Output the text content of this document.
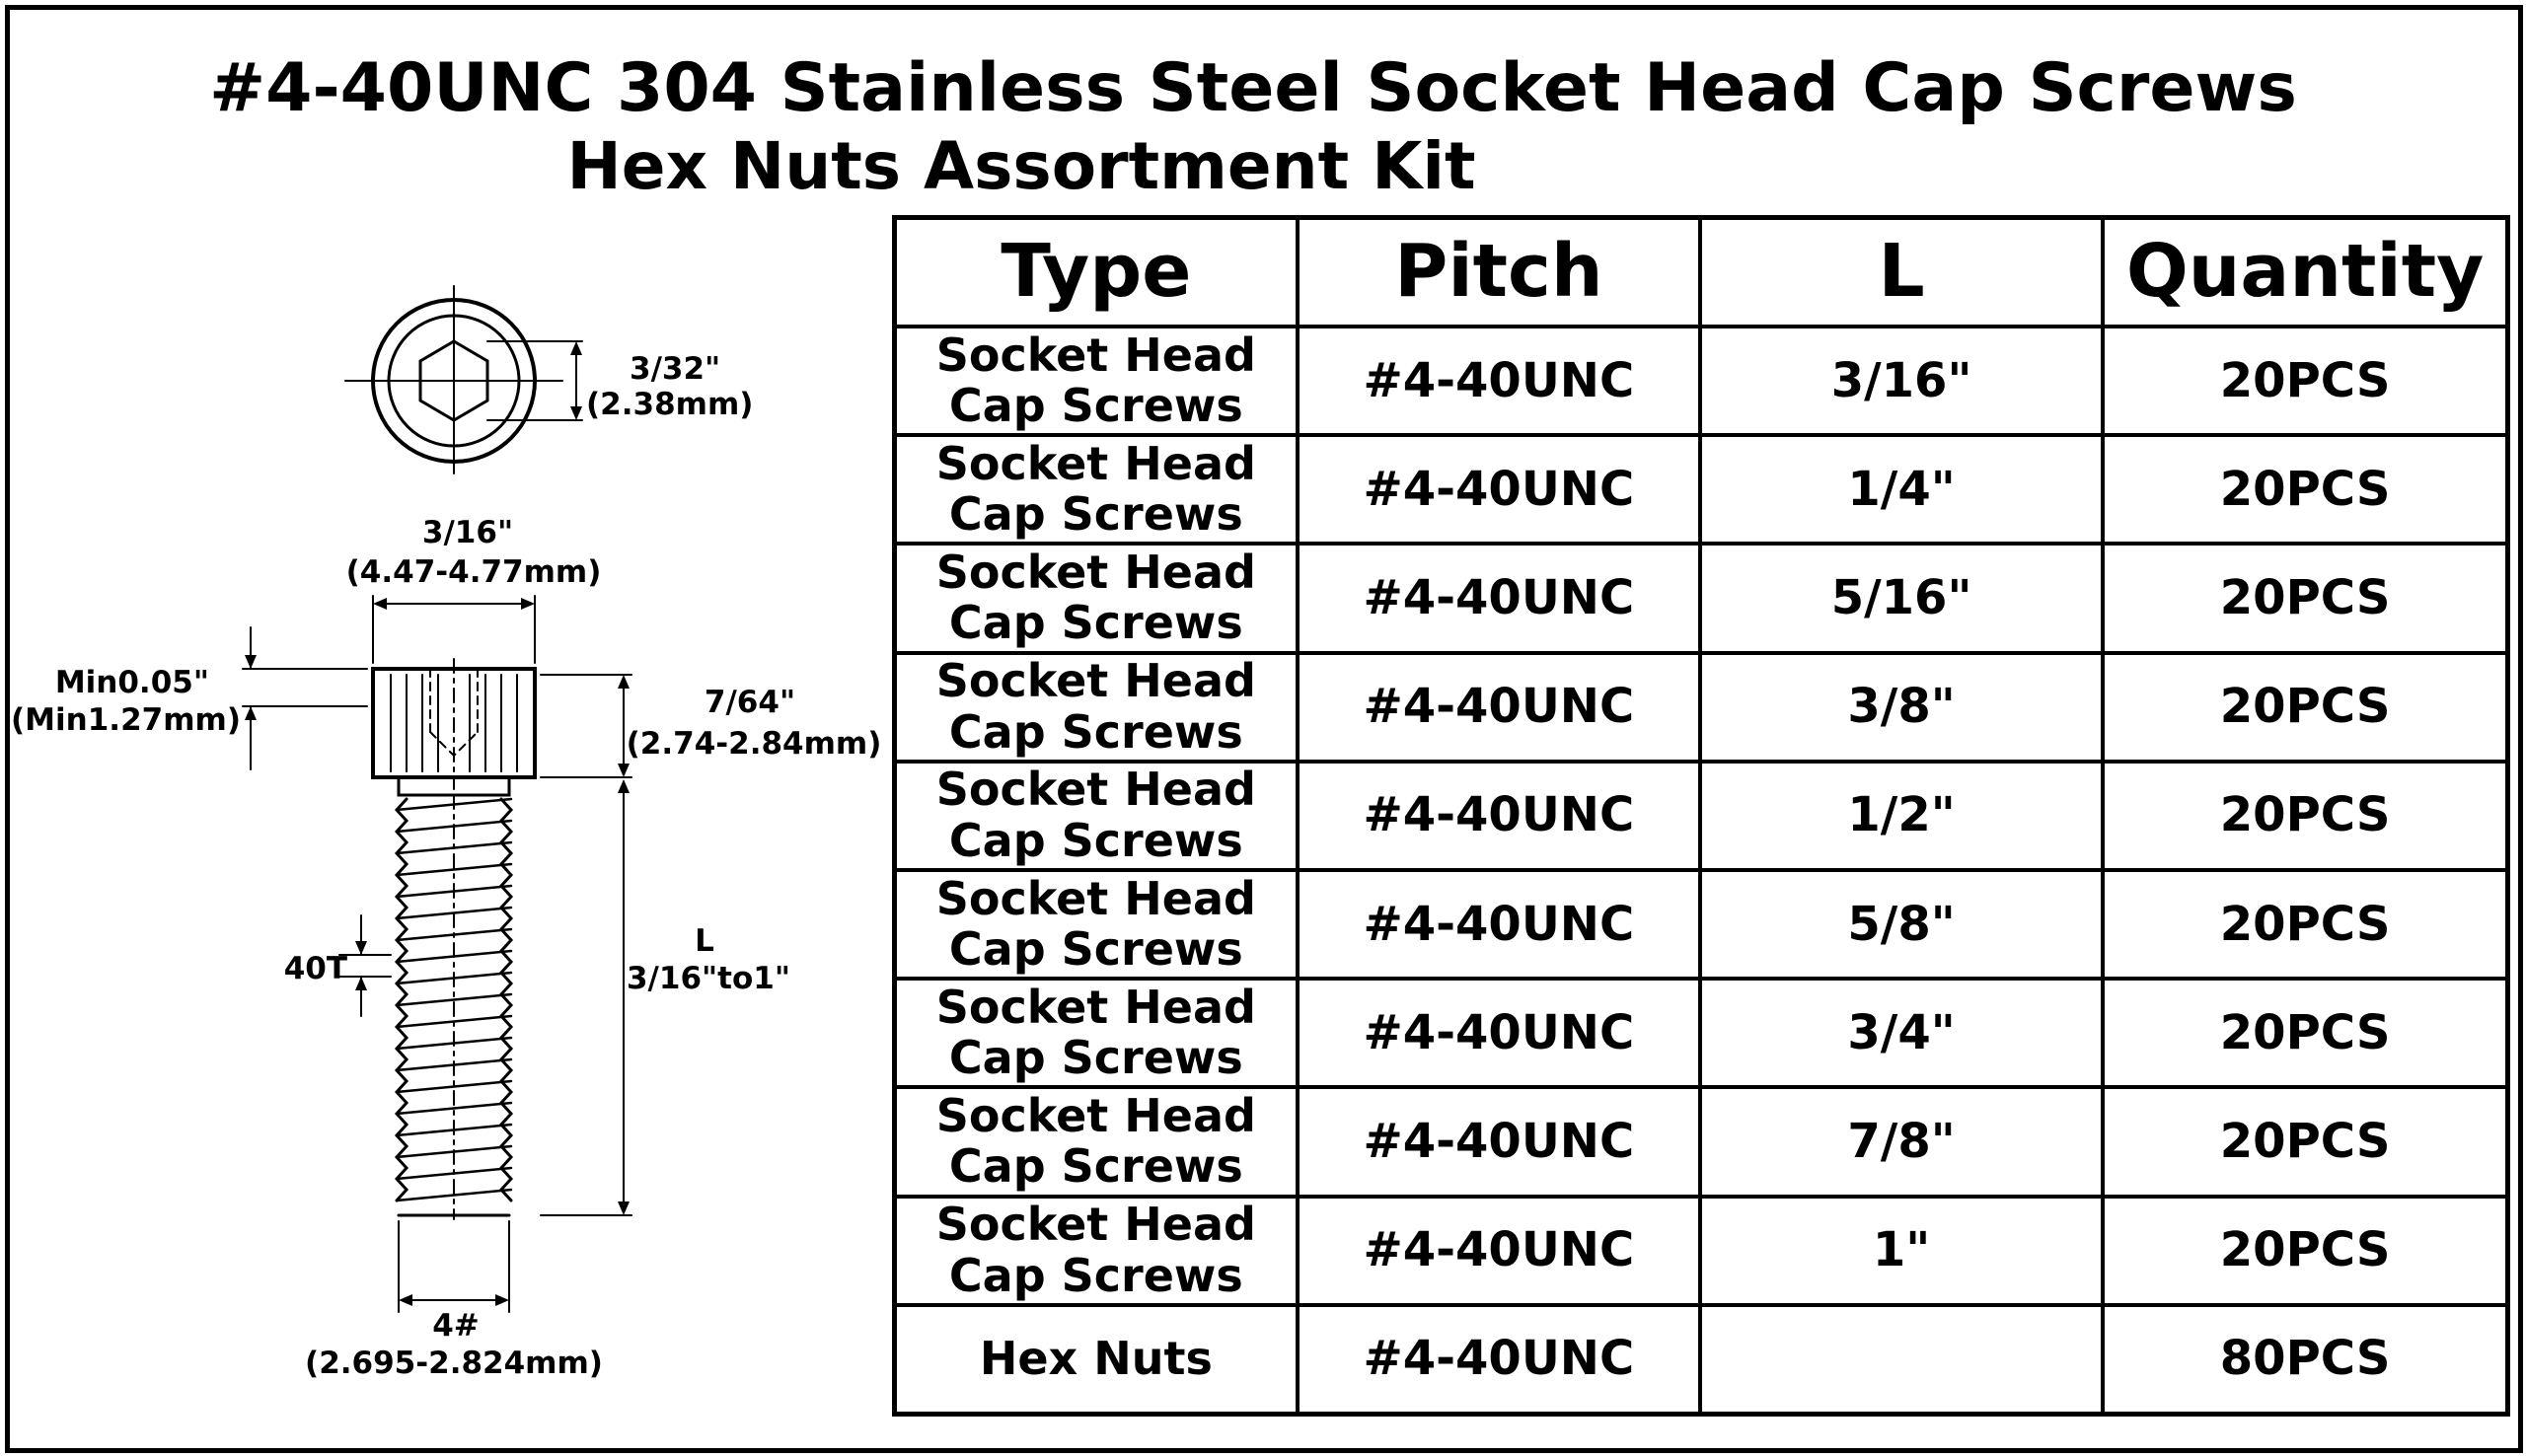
#4-40UNC 304 Stainless Steel Socket Head Cap Screws
Hex Nuts Assortment Kit
3/32"
(2.38mm)
3/16"
(4.47-4.77mm)
Min0.05"
(Min1.27mm)	7/64"
(2.74-2.84mm)
40T
L
3/16"to1"
4#
(2.695-2.824mm)
Type	Pitch	L	Quantity

Socket Head
Cap Screws	#4-40UNC	3/16"	20PCS

Socket Head
Cap Screws	#4-40UNC	1/4"	20PCS

Socket Head
Cap Screws	#4-40UNC	5/16"	20PCS

Socket Head
Cap Screws	#4-40UNC	3/8"	20PCS

Socket Head
Cap Screws	#4-40UNC	1/2"	20PCS

Socket Head
Cap Screws	#4-40UNC	5/8"	20PCS

Socket Head
Cap Screws	#4-40UNC	3/4"	20PCS

Socket Head
Cap Screws	#4-40UNC	7/8"	20PCS

Socket Head
Cap Screws	#4-40UNC	1"	20PCS

Hex Nuts	#4-40UNC		80PCS
